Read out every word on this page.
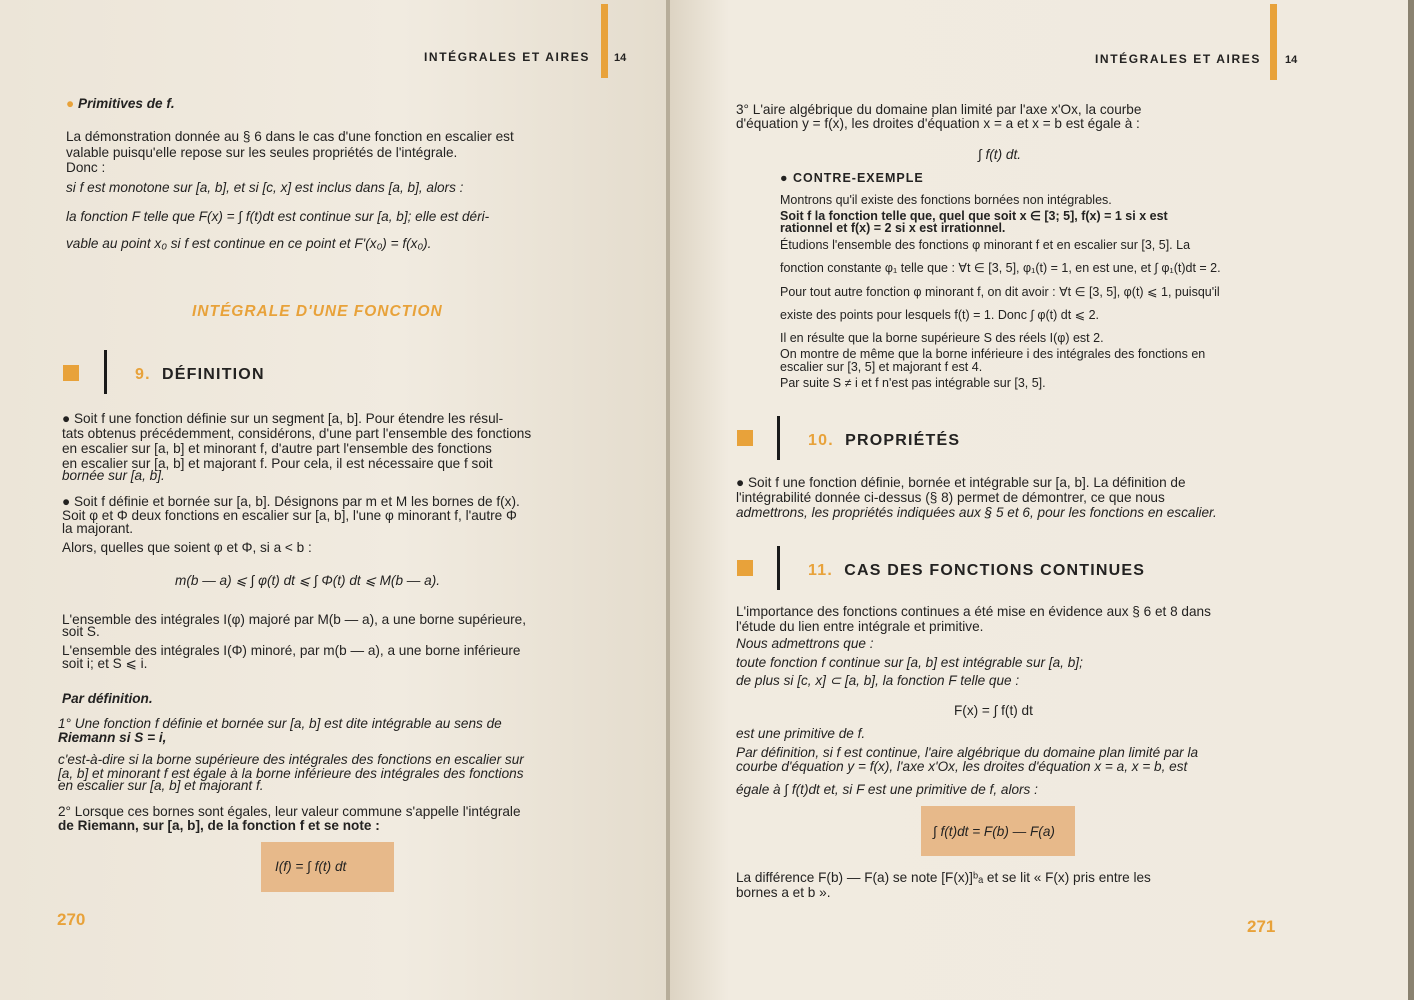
INTÉGRALES ET AIRES 14
● Primitives de f.
La démonstration donnée au § 6 dans le cas d'une fonction en escalier est
valable puisqu'elle repose sur les seules propriétés de l'intégrale.
Donc :
si f est monotone sur [a, b], et si [c, x] est inclus dans [a, b], alors :
la fonction F telle que F(x) = ∫ f(t)dt est continue sur [a, b]; elle est déri-
vable au point x₀ si f est continue en ce point et F'(x₀) = f(x₀).
INTÉGRALE D'UNE FONCTION
9. DÉFINITION
● Soit f une fonction définie sur un segment [a, b]. Pour étendre les résul-
tats obtenus précédemment, considérons, d'une part l'ensemble des fonctions
en escalier sur [a, b] et minorant f, d'autre part l'ensemble des fonctions
en escalier sur [a, b] et majorant f. Pour cela, il est nécessaire que f soit
bornée sur [a, b].
● Soit f définie et bornée sur [a, b]. Désignons par m et M les bornes de f(x).
Soit φ et Φ deux fonctions en escalier sur [a, b], l'une φ minorant f, l'autre Φ
la majorant.
Alors, quelles que soient φ et Φ, si a < b :
m(b — a) ⩽ ∫ φ(t) dt ⩽ ∫ Φ(t) dt ⩽ M(b — a).
L'ensemble des intégrales I(φ) majoré par M(b — a), a une borne supérieure,
soit S.
L'ensemble des intégrales I(Φ) minoré, par m(b — a), a une borne inférieure
soit i; et S ⩽ i.
Par définition.
1° Une fonction f définie et bornée sur [a, b] est dite intégrable au sens de
Riemann si S = i,
c'est-à-dire si la borne supérieure des intégrales des fonctions en escalier sur
[a, b] et minorant f est égale à la borne inférieure des intégrales des fonctions
en escalier sur [a, b] et majorant f.
2° Lorsque ces bornes sont égales, leur valeur commune s'appelle l'intégrale
de Riemann, sur [a, b], de la fonction f et se note :
I(f) = ∫ f(t) dt
270
INTÉGRALES ET AIRES 14
3° L'aire algébrique du domaine plan limité par l'axe x'Ox, la courbe
d'équation y = f(x), les droites d'équation x = a et x = b est égale à :
∫ f(t) dt.
● CONTRE-EXEMPLE
Montrons qu'il existe des fonctions bornées non intégrables.
Soit f la fonction telle que, quel que soit x ∈ [3; 5], f(x) = 1 si x est
rationnel et f(x) = 2 si x est irrationnel.
Étudions l'ensemble des fonctions φ minorant f et en escalier sur [3, 5]. La
fonction constante φ₁ telle que : ∀t ∈ [3, 5], φ₁(t) = 1, en est une, et ∫ φ₁(t)dt = 2.
Pour tout autre fonction φ minorant f, on dit avoir : ∀t ∈ [3, 5], φ(t) ⩽ 1, puisqu'il
existe des points pour lesquels f(t) = 1. Donc ∫ φ(t) dt ⩽ 2.
Il en résulte que la borne supérieure S des réels I(φ) est 2.
On montre de même que la borne inférieure i des intégrales des fonctions en
escalier sur [3, 5] et majorant f est 4.
Par suite S ≠ i et f n'est pas intégrable sur [3, 5].
10. PROPRIÉTÉS
● Soit f une fonction définie, bornée et intégrable sur [a, b]. La définition de
l'intégrabilité donnée ci-dessus (§ 8) permet de démontrer, ce que nous
admettrons, les propriétés indiquées aux § 5 et 6, pour les fonctions en escalier.
11. CAS DES FONCTIONS CONTINUES
L'importance des fonctions continues a été mise en évidence aux § 6 et 8 dans
l'étude du lien entre intégrale et primitive.
Nous admettrons que :
toute fonction f continue sur [a, b] est intégrable sur [a, b];
de plus si [c, x] ⊂ [a, b], la fonction F telle que :
F(x) = ∫ f(t) dt
est une primitive de f.
Par définition, si f est continue, l'aire algébrique du domaine plan limité par la
courbe d'équation y = f(x), l'axe x'Ox, les droites d'équation x = a, x = b, est
égale à ∫ f(t)dt et, si F est une primitive de f, alors :
∫ f(t)dt = F(b) — F(a)
La différence F(b) — F(a) se note [F(x)]ᵇₐ et se lit « F(x) pris entre les
bornes a et b ».
271
